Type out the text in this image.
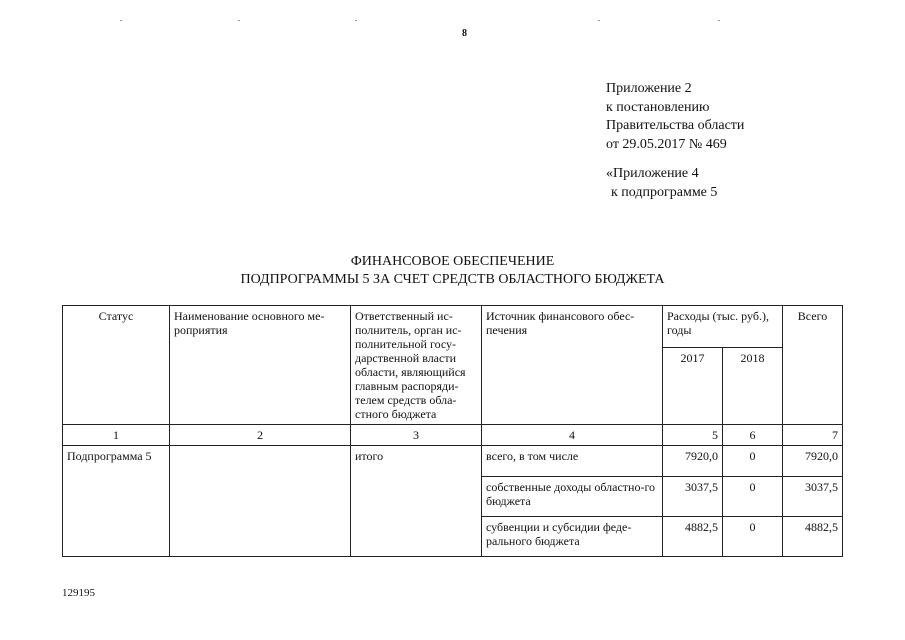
8
Приложение 2
к постановлению
Правительства области
от 29.05.2017 № 469
«Приложение 4
к подпрограмме 5
ФИНАНСОВОЕ ОБЕСПЕЧЕНИЕ
ПОДПРОГРАММЫ 5 ЗА СЧЕТ СРЕДСТВ ОБЛАСТНОГО БЮДЖЕТА
Статус	Наименование основного ме-роприятия	Ответственный ис-полнитель, орган ис-полнительной госу-дарственной власти области, являющийся главным распоряди-телем средств обла-стного бюджета	Источник финансового обес-печения	Расходы (тыс. руб.), годы		Всего
				2017	2018	
1	2	3	4	5	6	7
Подпрограмма 5		итого	всего, в том числе	7920,0	0	7920,0
			собственные доходы областно-го бюджета	3037,5	0	3037,5
			субвенции и субсидии феде-рального бюджета	4882,5	0	4882,5
129195
